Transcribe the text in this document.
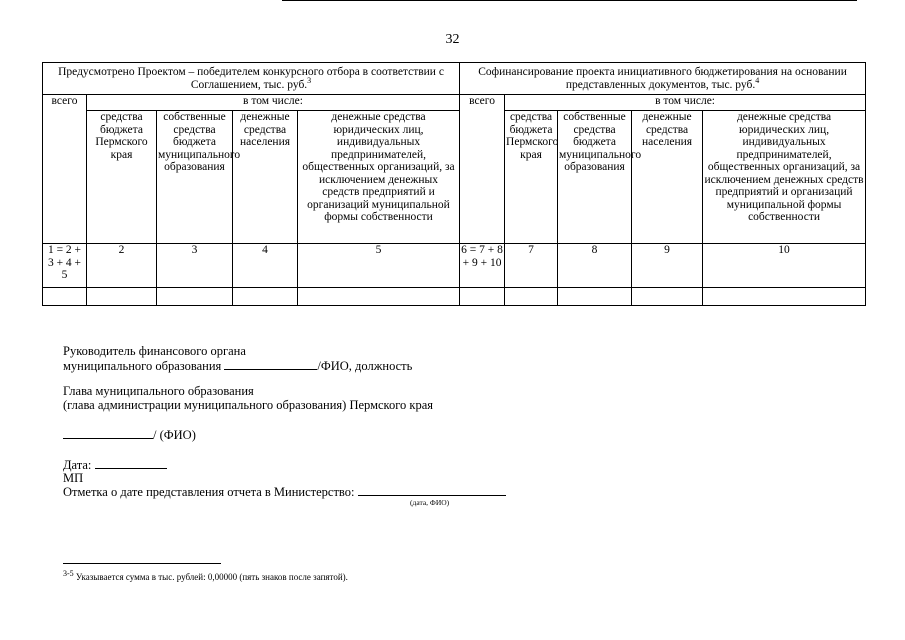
32
Предусмотрено Проектом – победителем конкурсного отбора в соответствии с Соглашением, тыс. руб.$^3$					Софинансирование проекта инициативного бюджетирования на основании представленных документов, тыс. руб.$^4$
всего	в том числе:				всего	в том числе:			
	средства бюджета Пермского края	собственные средства бюджета муниципального образования	денежные средства населения	денежные средства юридических лиц, индивидуальных предпринимателей, общественных организаций, за исключением денежных средств предприятий и организаций муниципальной формы собственности		средства бюджета Пермского края	собственные средства бюджета муниципального образования	денежные средства населения	денежные средства юридических лиц, индивидуальных предпринимателей, общественных организаций, за исключением денежных средств предприятий и организаций муниципальной формы собственности
1 = 2 + 3 + 4 + 5	2	3	4	5	6 = 7 + 8 + 9 + 10	7	8	9	10

Руководитель финансового органа
муниципального образования	/ФИО, должность
Глава муниципального образования
(глава администрации муниципального образования) Пермского края
/ (ФИО)
Дата:
МП
Отметка о дате представления отчета в Министерство:
(дата, ФИО)
3-5 Указывается сумма в тыс. рублей: 0,00000 (пять знаков после запятой).
